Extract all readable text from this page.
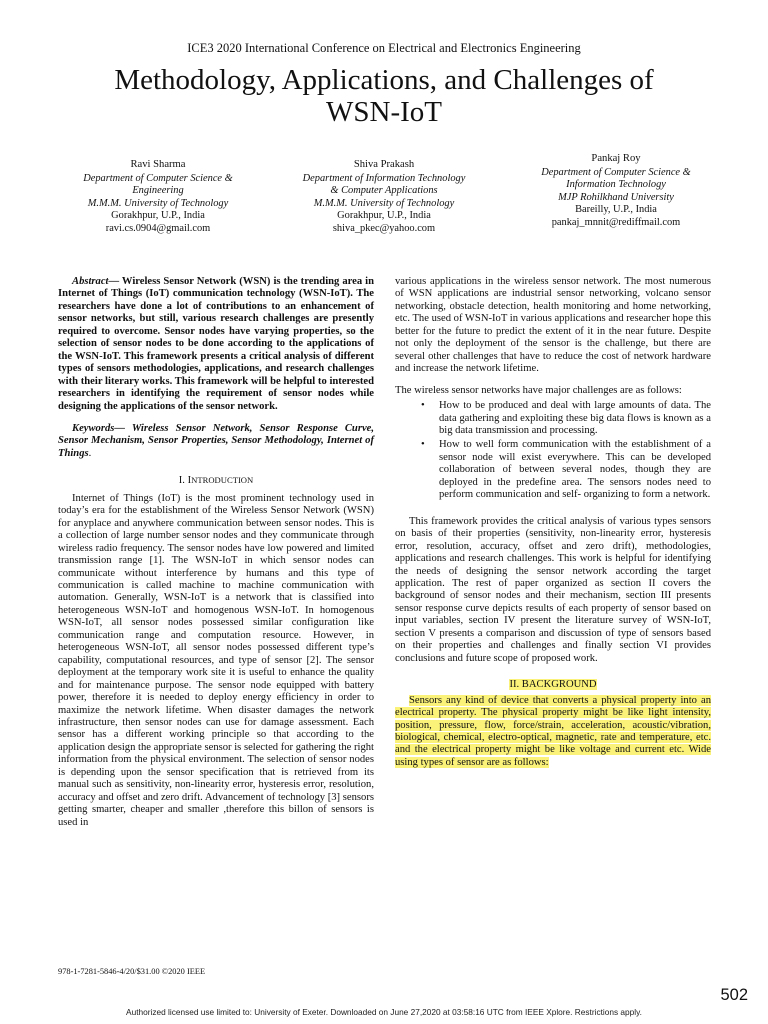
ICE3 2020 International Conference on Electrical and Electronics Engineering
Methodology, Applications, and Challenges of
WSN-IoT
Ravi Sharma
Department of Computer Science &
Engineering
M.M.M. University of Technology
Gorakhpur, U.P., India
ravi.cs.0904@gmail.com
Shiva Prakash
Department of Information Technology
& Computer Applications
M.M.M. University of Technology
Gorakhpur, U.P., India
shiva_pkec@yahoo.com
Pankaj Roy
Department of Computer Science &
Information Technology
MJP Rohilkhand University
Bareilly, U.P., India
pankaj_mnnit@rediffmail.com

Abstract— Wireless Sensor Network (WSN) is the trending area in Internet of Things (IoT) communication technology (WSN-IoT). The researchers have done a lot of contributions to an enhancement of sensor networks, but still, various research challenges are presently required to overcome. Sensor nodes have varying properties, so the selection of sensor nodes to be done according to the applications of the WSN-IoT. This framework presents a critical analysis of different types of sensors methodologies, applications, and research challenges with their literary works. This framework will be helpful to interested researchers in identifying the requirement of sensor nodes while designing the applications of the sensor network.

Keywords— Wireless Sensor Network, Sensor Response Curve, Sensor Mechanism, Sensor Properties, Sensor Methodology, Internet of Things.

I. INTRODUCTION

Internet of Things (IoT) is the most prominent technology used in today’s era for the establishment of the Wireless Sensor Network (WSN) for anyplace and anywhere communication between sensor nodes. This is a collection of large number sensor nodes and they communicate through wireless radio frequency. The sensor nodes have low powered and limited transmission range [1]. The WSN-IoT in which sensor nodes can communicate without interference by humans and this type of communication is called machine to machine communication with automation. Generally, WSN-IoT is a network that is classified into heterogeneous WSN-IoT and homogenous WSN-IoT. In homogenous WSN-IoT, all sensor nodes possessed similar configuration like communication range and computation resource. However, in heterogeneous WSN-IoT, all sensor nodes possessed different type’s capability, computational resources, and type of sensor [2]. The sensor deployment at the temporary work site it is useful to enhance the quality and for maintenance purpose. The sensor node equipped with battery power, therefore it is needed to deploy energy efficiency in order to maximize the network lifetime. When disaster damages the network infrastructure, then sensor nodes can use for damage assessment. Each sensor has a different working principle so that according to the application design the appropriate sensor is selected for gathering the right information from the physical environment. The selection of sensor nodes is depending upon the sensor specification that is retrieved from its manual such as sensitivity, non-linearity error, hysteresis error, resolution, accuracy and offset and zero drift. Advancement of technology [3] sensors getting smarter, cheaper and smaller ,therefore this billon of sensors is used in

various applications in the wireless sensor network. The most numerous of WSN applications are industrial sensor networking, volcano sensor networking, obstacle detection, health monitoring and home networking, etc. The used of WSN-IoT in various applications and researcher hope this better for the future to predict the extent of it in the near future. Despite not only the deployment of the sensor is the challenge, but there are several other challenges that have to reduce the cost of network hardware and increase the network lifetime.

The wireless sensor networks have major challenges are as follows:

• How to be produced and deal with large amounts of data. The data gathering and exploiting these big data flows is known as a big data transmission and processing.
• How to well form communication with the establishment of a sensor node will exist everywhere. This can be developed collaboration of between several nodes, though they are deployed in the predefine area. The sensors nodes need to perform communication and self- organizing to form a network.

This framework provides the critical analysis of various types sensors on basis of their properties (sensitivity, non-linearity error, hysteresis error, resolution, accuracy, offset and zero drift), methodologies, applications and research challenges. This work is helpful for identifying the needs of designing the sensor network according the target application. The rest of paper organized as section II covers the background of sensor nodes and their mechanism, section III presents sensor response curve depicts results of each property of sensor based on input variables, section IV present the literature survey of WSN-IoT, section V presents a comparison and discussion of type of sensors based on their properties and challenges and finally section VI provides conclusions and future scope of proposed work.

II. BACKGROUND

Sensors any kind of device that converts a physical property into an electrical property. The physical property might be like light intensity, position, pressure, flow, force/strain, acceleration, acoustic/vibration, biological, chemical, electro-optical, magnetic, rate and temperature, etc. and the electrical property might be like voltage and current etc. Wide using types of sensor are as follows:

978-1-7281-5846-4/20/$31.00 ©2020 IEEE
502
Authorized licensed use limited to: University of Exeter. Downloaded on June 27,2020 at 03:58:16 UTC from IEEE Xplore. Restrictions apply.
